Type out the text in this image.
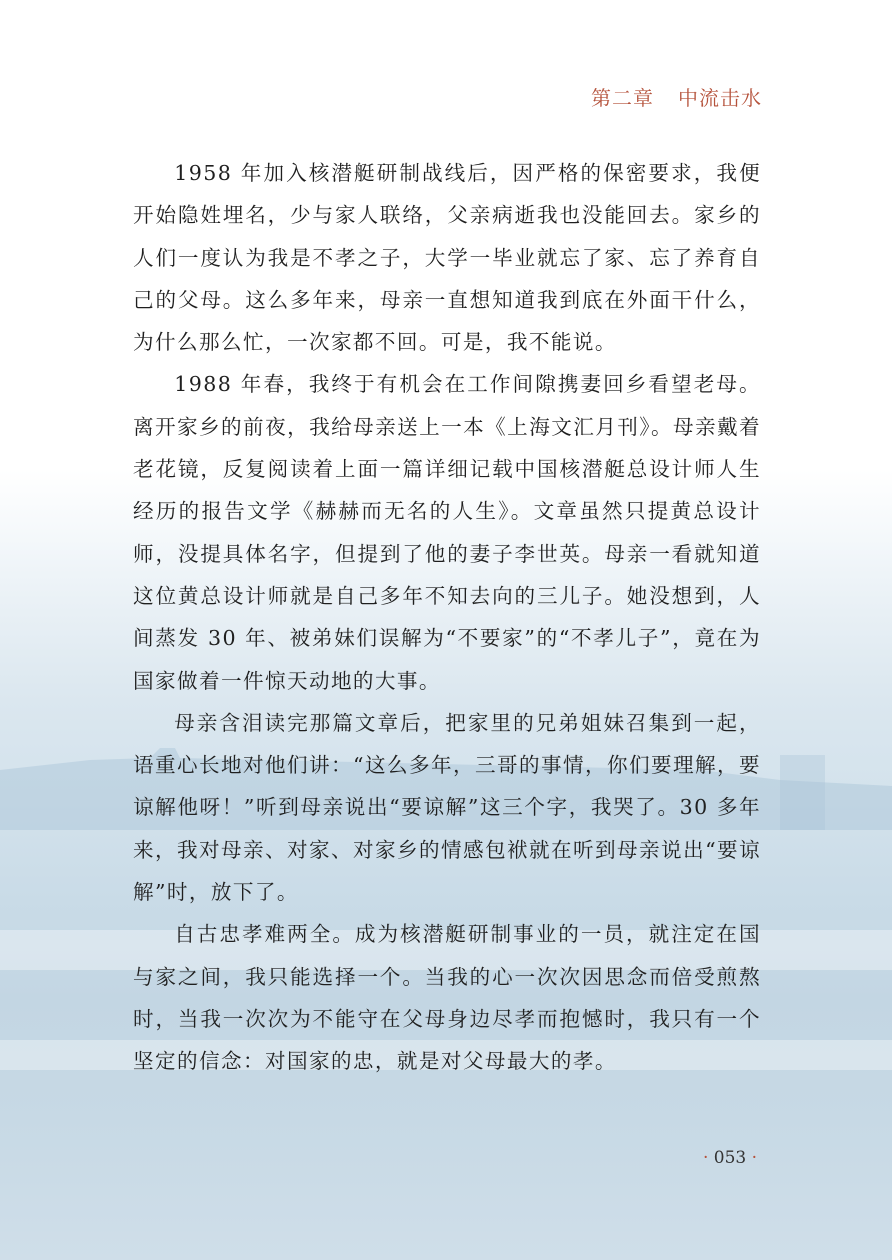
第二章 中流击水

1958 年加入核潜艇研制战线后，因严格的保密要求，我便开始隐姓埋名，少与家人联络，父亲病逝我也没能回去。家乡的人们一度认为我是不孝之子，大学一毕业就忘了家、忘了养育自己的父母。这么多年来，母亲一直想知道我到底在外面干什么，为什么那么忙，一次家都不回。可是，我不能说。

1988 年春，我终于有机会在工作间隙携妻回乡看望老母。离开家乡的前夜，我给母亲送上一本《上海文汇月刊》。母亲戴着老花镜，反复阅读着上面一篇详细记载中国核潜艇总设计师人生经历的报告文学《赫赫而无名的人生》。文章虽然只提黄总设计师，没提具体名字，但提到了他的妻子李世英。母亲一看就知道这位黄总设计师就是自己多年不知去向的三儿子。她没想到，人间蒸发 30 年、被弟妹们误解为“不要家”的“不孝儿子”，竟在为国家做着一件惊天动地的大事。

母亲含泪读完那篇文章后，把家里的兄弟姐妹召集到一起，语重心长地对他们讲：“这么多年，三哥的事情，你们要理解，要谅解他呀！”听到母亲说出“要谅解”这三个字，我哭了。30 多年来，我对母亲、对家、对家乡的情感包袱就在听到母亲说出“要谅解”时，放下了。

自古忠孝难两全。成为核潜艇研制事业的一员，就注定在国与家之间，我只能选择一个。当我的心一次次因思念而倍受煎熬时，当我一次次为不能守在父母身边尽孝而抱憾时，我只有一个坚定的信念：对国家的忠，就是对父母最大的孝。

· 053 ·
